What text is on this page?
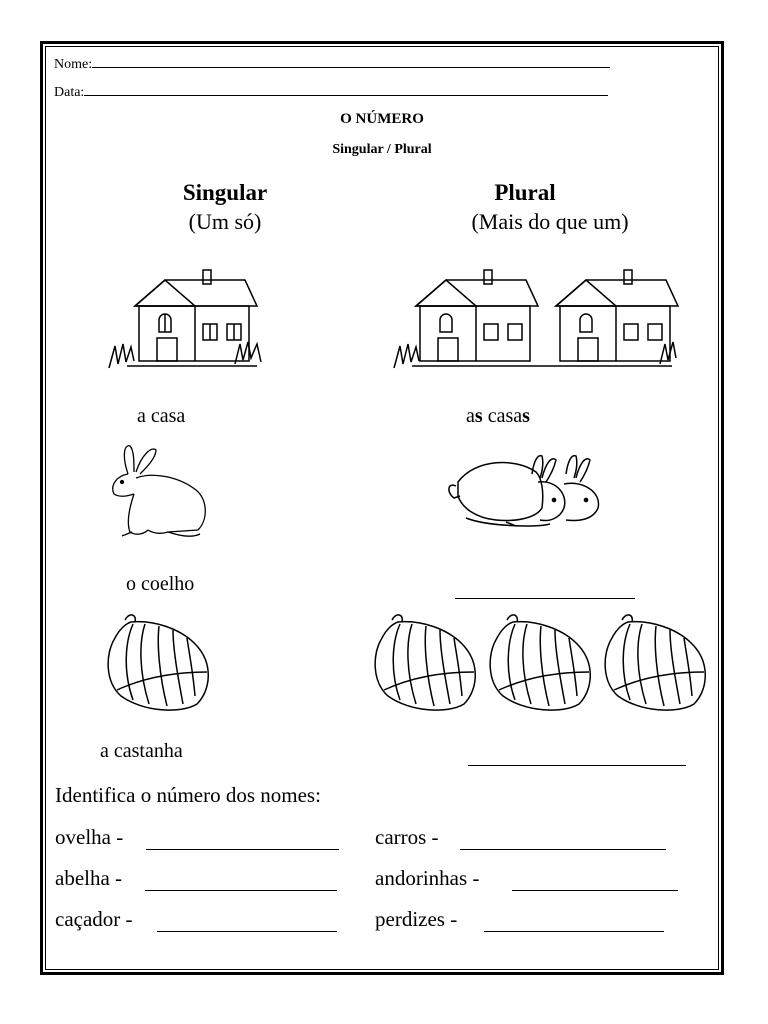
Nome:
Data:
O NÚMERO
Singular / Plural
Singular
(Um só)
Plural
(Mais do que um)
a casa	as casas
o coelho
a castanha
Identifica o número dos nomes:
ovelha -	carros -
abelha -	andorinhas -
caçador -	perdizes -
